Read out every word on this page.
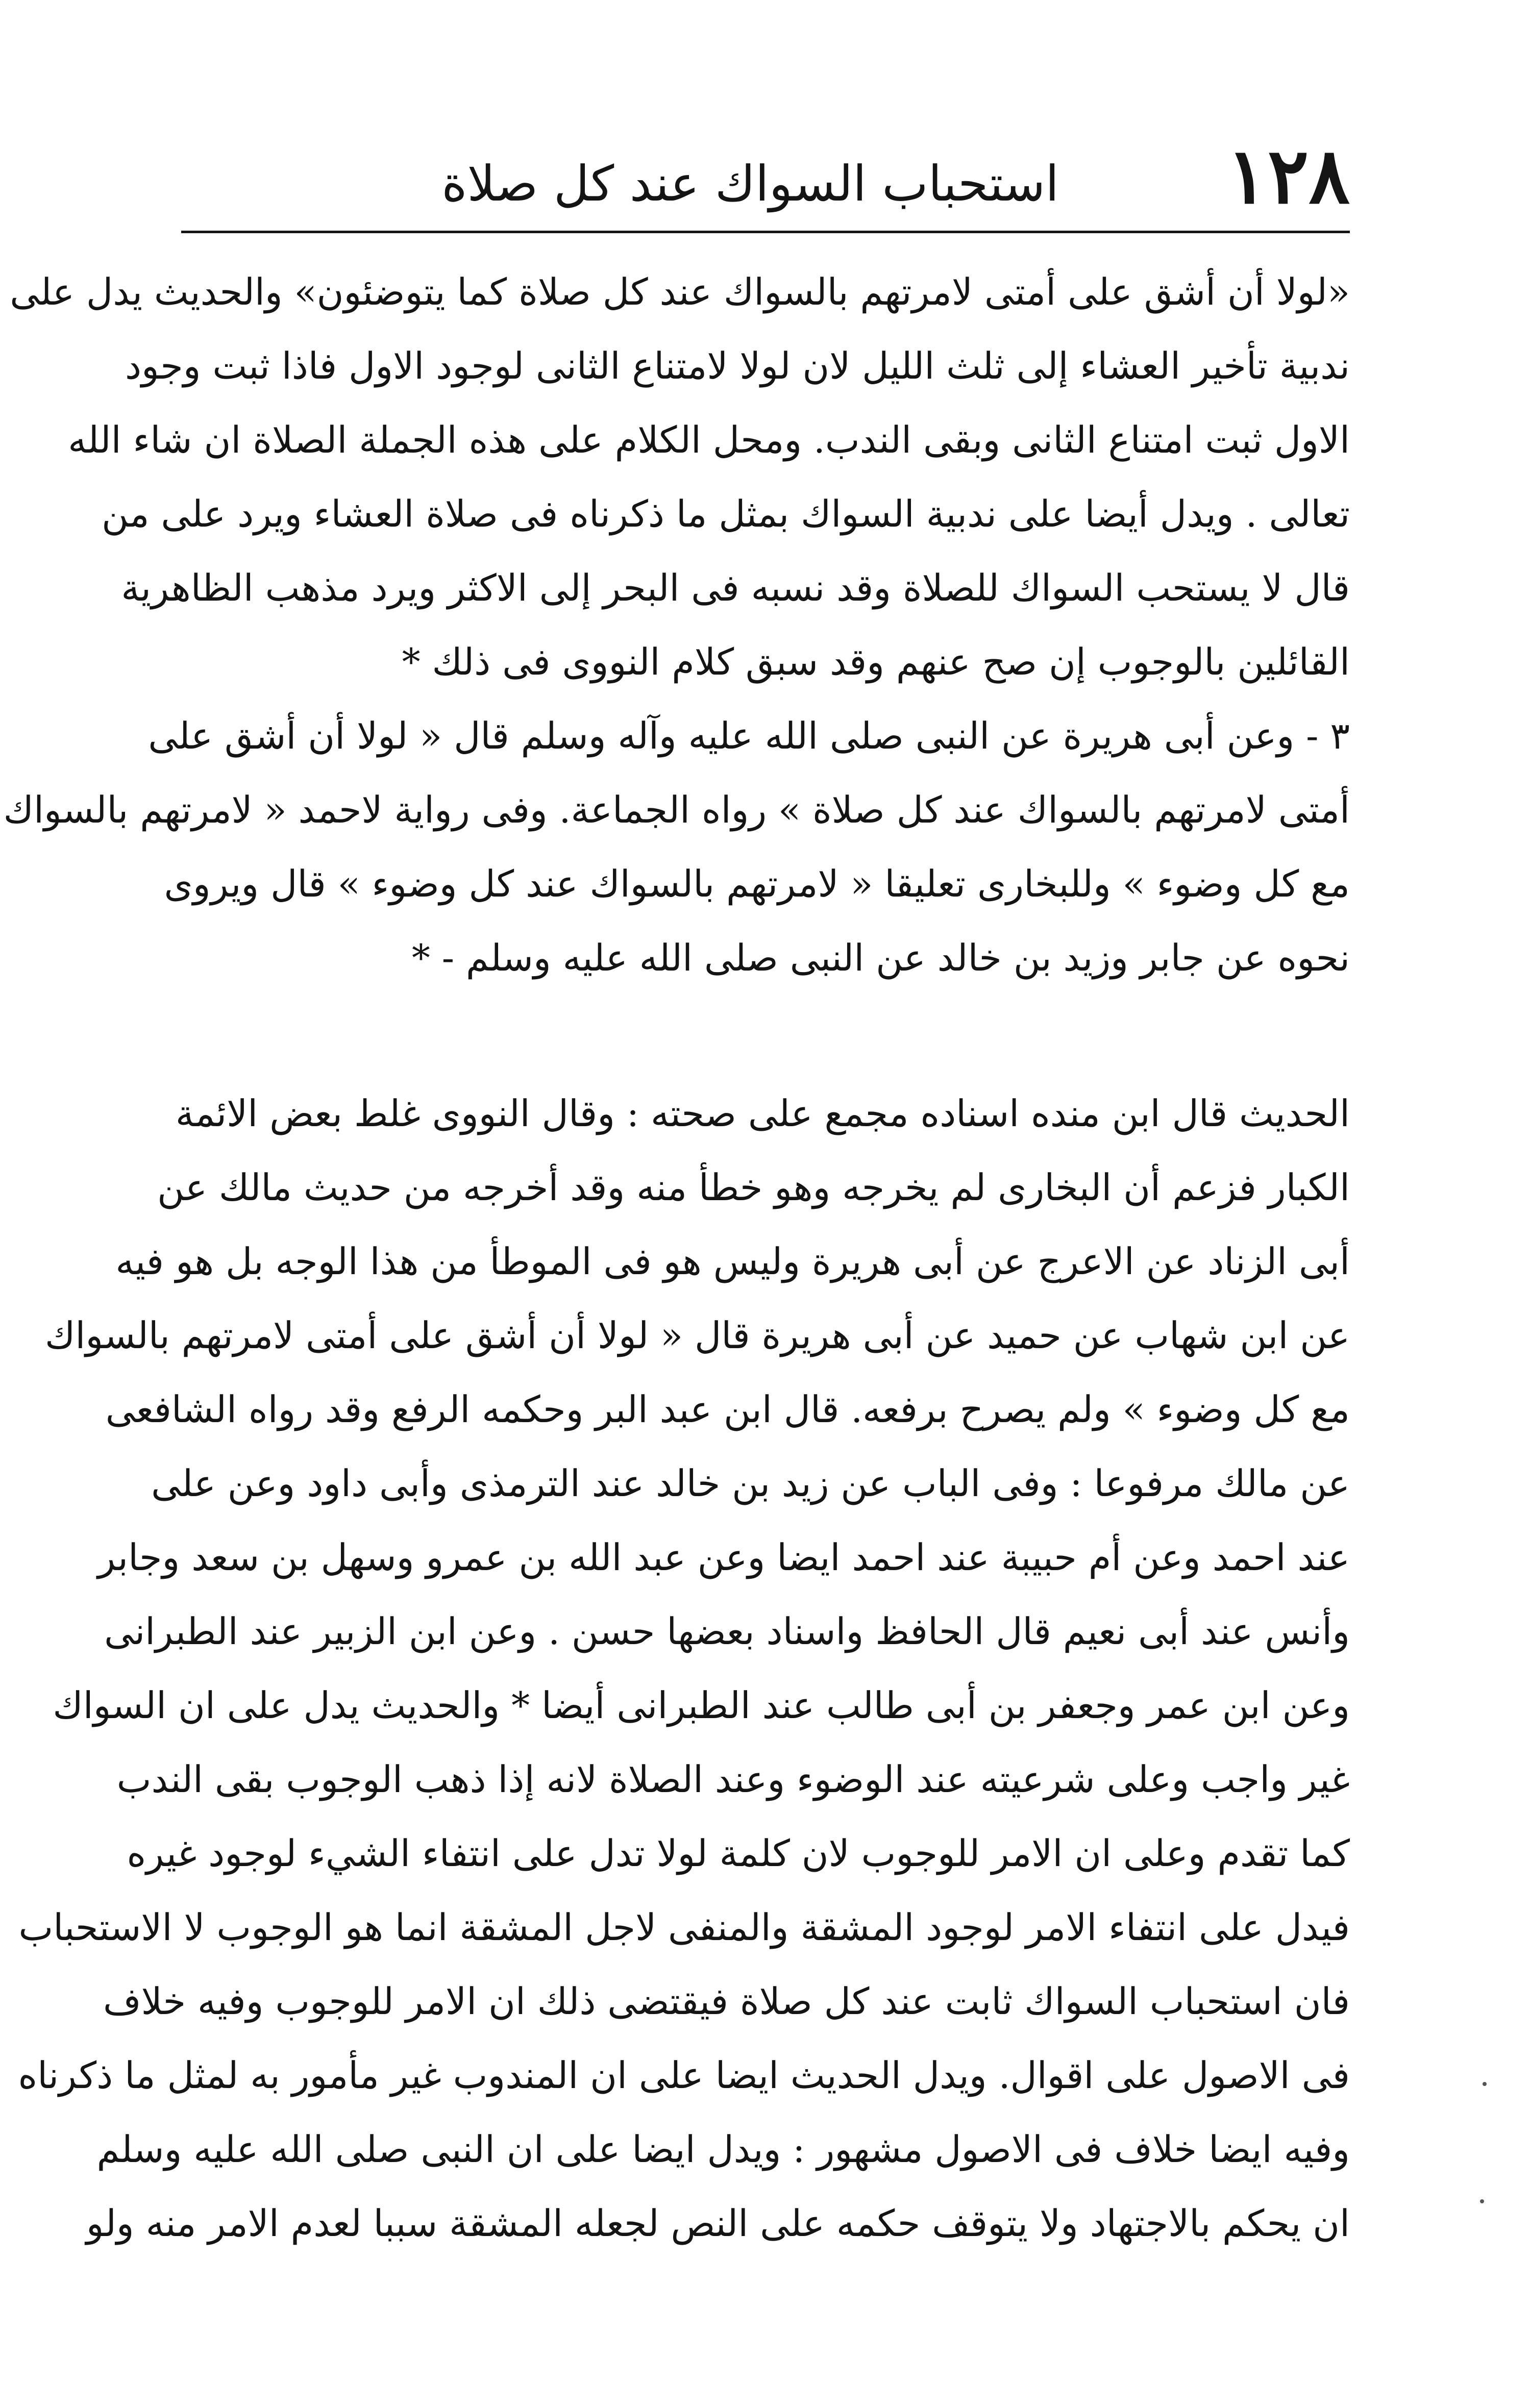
١٢٨
استحباب السواك عند كل صلاة
«لولا أن أشق على أمتى لامرتهم بالسواك عند كل صلاة كما يتوضئون» والحديث يدل على
ندبية تأخير العشاء إلى ثلث الليل لان لولا لامتناع الثانى لوجود الاول فاذا ثبت وجود
الاول ثبت امتناع الثانى وبقى الندب. ومحل الكلام على هذه الجملة الصلاة ان شاء الله
تعالى . ويدل أيضا على ندبية السواك بمثل ما ذكرناه فى صلاة العشاء ويرد على من
قال لا يستحب السواك للصلاة وقد نسبه فى البحر إلى الاكثر ويرد مذهب الظاهرية
القائلين بالوجوب إن صح عنهم وقد سبق كلام النووى فى ذلك *
٣ - وعن أبى هريرة عن النبى صلى الله عليه وآله وسلم قال « لولا أن أشق على
أمتى لامرتهم بالسواك عند كل صلاة » رواه الجماعة. وفى رواية لاحمد « لامرتهم بالسواك
مع كل وضوء » وللبخارى تعليقا « لامرتهم بالسواك عند كل وضوء » قال ويروى
نحوه عن جابر وزيد بن خالد عن النبى صلى الله عليه وسلم - *
الحديث قال ابن منده اسناده مجمع على صحته : وقال النووى غلط بعض الائمة
الكبار فزعم أن البخارى لم يخرجه وهو خطأ منه وقد أخرجه من حديث مالك عن
أبى الزناد عن الاعرج عن أبى هريرة وليس هو فى الموطأ من هذا الوجه بل هو فيه
عن ابن شهاب عن حميد عن أبى هريرة قال « لولا أن أشق على أمتى لامرتهم بالسواك
مع كل وضوء » ولم يصرح برفعه. قال ابن عبد البر وحكمه الرفع وقد رواه الشافعى
عن مالك مرفوعا : وفى الباب عن زيد بن خالد عند الترمذى وأبى داود وعن على
عند احمد وعن أم حبيبة عند احمد ايضا وعن عبد الله بن عمرو وسهل بن سعد وجابر
وأنس عند أبى نعيم قال الحافظ واسناد بعضها حسن . وعن ابن الزبير عند الطبرانى
وعن ابن عمر وجعفر بن أبى طالب عند الطبرانى أيضا * والحديث يدل على ان السواك
غير واجب وعلى شرعيته عند الوضوء وعند الصلاة لانه إذا ذهب الوجوب بقى الندب
كما تقدم وعلى ان الامر للوجوب لان كلمة لولا تدل على انتفاء الشيء لوجود غيره
فيدل على انتفاء الامر لوجود المشقة والمنفى لاجل المشقة انما هو الوجوب لا الاستحباب
فان استحباب السواك ثابت عند كل صلاة فيقتضى ذلك ان الامر للوجوب وفيه خلاف
فى الاصول على اقوال. ويدل الحديث ايضا على ان المندوب غير مأمور به لمثل ما ذكرناه
وفيه ايضا خلاف فى الاصول مشهور : ويدل ايضا على ان النبى صلى الله عليه وسلم
ان يحكم بالاجتهاد ولا يتوقف حكمه على النص لجعله المشقة سببا لعدم الامر منه ولو
